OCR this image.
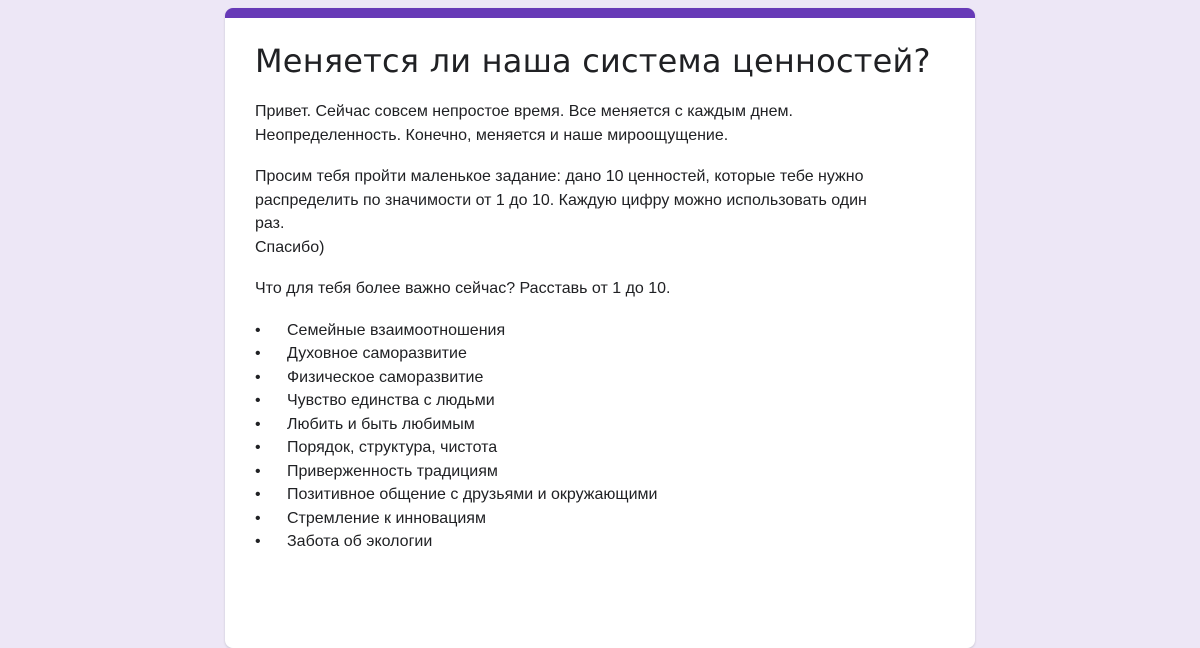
Меняется ли наша система ценностей?
Привет. Сейчас совсем непростое время. Все меняется с каждым днем.
Неопределенность. Конечно, меняется и наше мироощущение.
Просим тебя пройти маленькое задание: дано 10 ценностей, которые тебе нужно
распределить по значимости от 1 до 10. Каждую цифру можно использовать один
раз.
Спасибо)
Что для тебя более важно сейчас? Расставь от 1 до 10.
•	Семейные взаимоотношения
•	Духовное саморазвитие
•	Физическое саморазвитие
•	Чувство единства с людьми
•	Любить и быть любимым
•	Порядок, структура, чистота
•	Приверженность традициям
•	Позитивное общение с друзьями и окружающими
•	Стремление к инновациям
•	Забота об экологии
